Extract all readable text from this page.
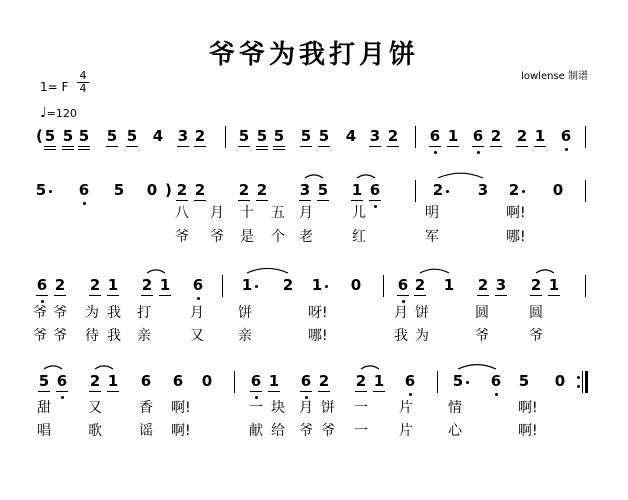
爷爷为我打月饼
lowlense 制谱
1= F
4
4
♩=120
5 5 5 5 5 4 3 2 5 5 5 5 5 4 3 2 6 1 6 2 2 1 6
(
5 6 5 0 2 2 2 2 3 5 1 6	2 3 2 0
)
6 2 2 1 2 1 6	1 2 1 0 6 2 1 2 3 2 1
5 6 2 1 6 6 0	6 1 6 2 2 1 6	5 6 5 0
八 月 十 五 月	儿	明	啊!
爷 爷 是 个 老	红	军	哪!
爷 爷 为 我 打	月 饼	呀!	月 饼	圆	圆
爷 爷 待 我 亲	又 亲	哪!	我 为	爷	爷
甜	又	香 啊!	一 块 月 饼 一 片	情	啊!
唱	歌	谣 啊!	献 给 爷 爷 一 片	心	啊!
